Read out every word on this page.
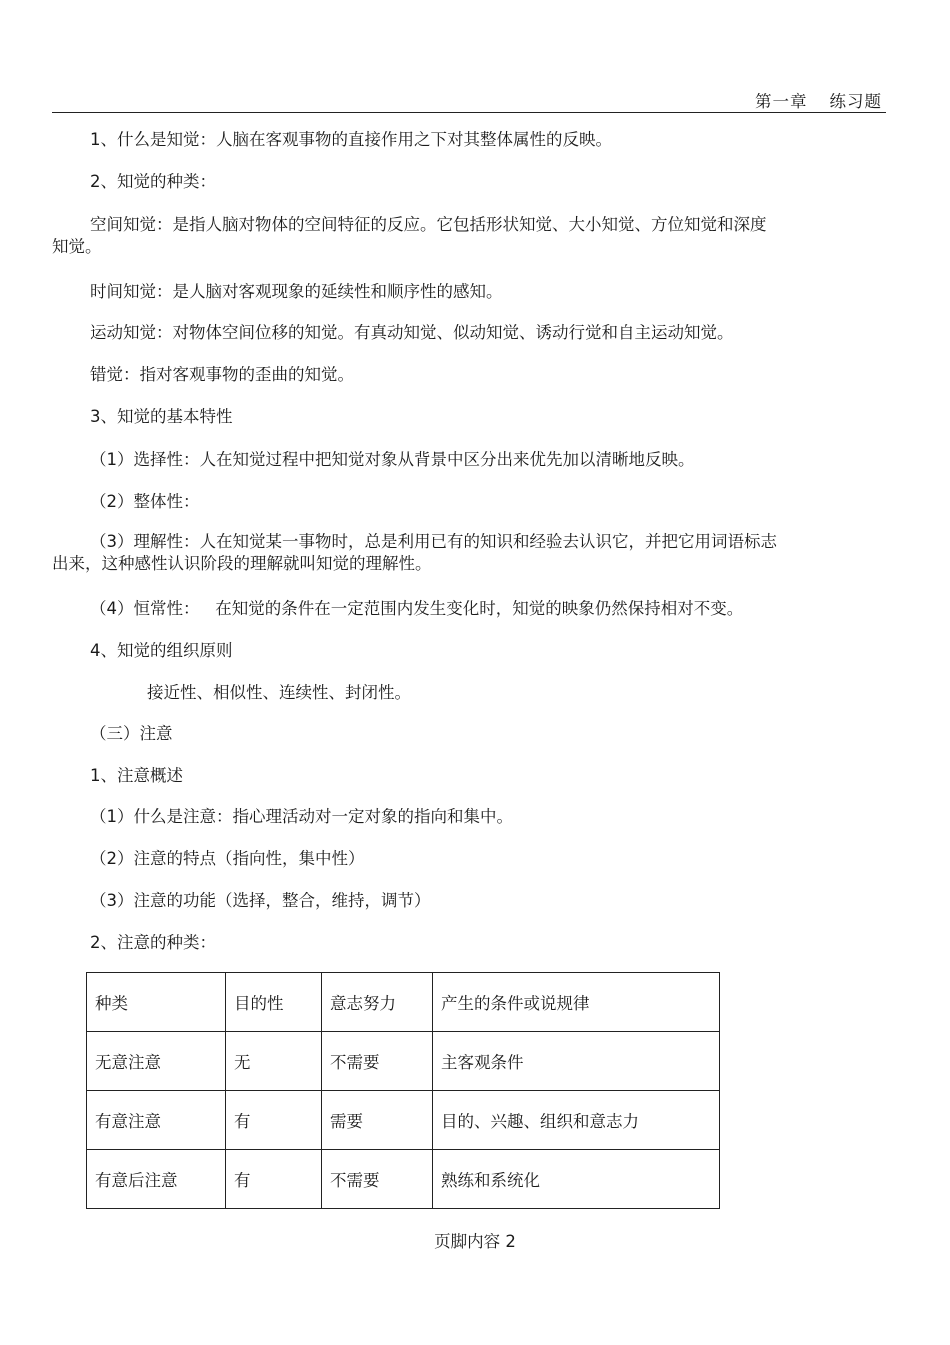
第一章 练习题
1、什么是知觉：人脑在客观事物的直接作用之下对其整体属性的反映。
2、知觉的种类：
空间知觉：是指人脑对物体的空间特征的反应。它包括形状知觉、大小知觉、方位知觉和深度
知觉。
时间知觉：是人脑对客观现象的延续性和顺序性的感知。
运动知觉：对物体空间位移的知觉。有真动知觉、似动知觉、诱动行觉和自主运动知觉。
错觉：指对客观事物的歪曲的知觉。
3、知觉的基本特性
（1）选择性：人在知觉过程中把知觉对象从背景中区分出来优先加以清晰地反映。
（2）整体性：
（3）理解性：人在知觉某一事物时，总是利用已有的知识和经验去认识它，并把它用词语标志
出来，这种感性认识阶段的理解就叫知觉的理解性。
（4）恒常性：   在知觉的条件在一定范围内发生变化时，知觉的映象仍然保持相对不变。
4、知觉的组织原则
接近性、相似性、连续性、封闭性。
（三）注意
1、注意概述
（1）什么是注意：指心理活动对一定对象的指向和集中。
（2）注意的特点（指向性，集中性）
（3）注意的功能（选择，整合，维持，调节）
2、注意的种类：
种类	目的性	意志努力	产生的条件或说规律
无意注意	无	不需要	主客观条件
有意注意	有	需要	目的、兴趣、组织和意志力
有意后注意	有	不需要	熟练和系统化
页脚内容 2
